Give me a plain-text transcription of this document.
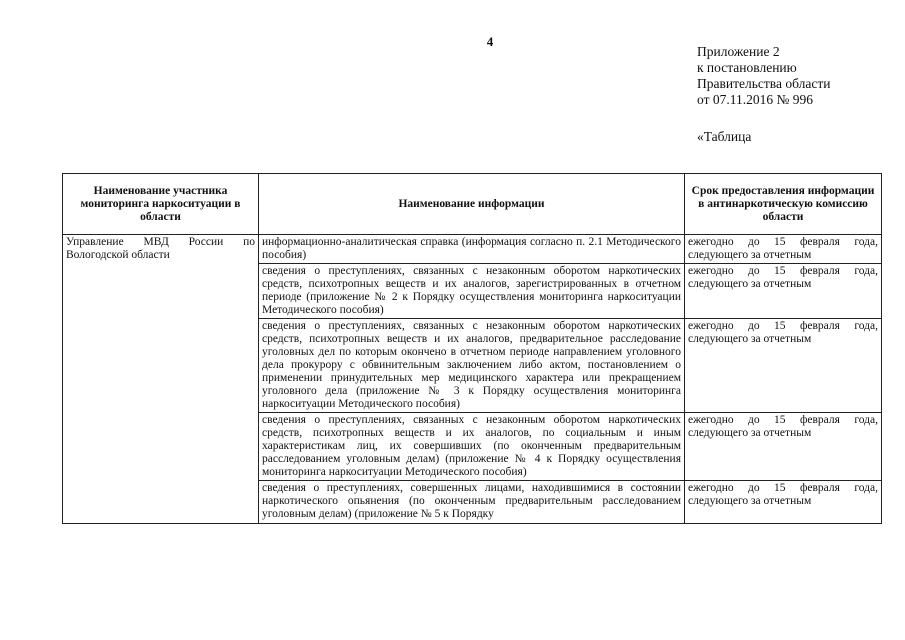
4
Приложение 2
к постановлению
Правительства области
от 07.11.2016 № 996
«Таблица
Наименование участника мониторинга наркоситуации в области	Наименование информации	Срок предоставления информации в антинаркотическую комиссию области
Управление МВД России по Вологодской области	информационно-аналитическая справка (информация согласно п. 2.1 Методического пособия)	ежегодно до 15 февраля года, следующего за отчетным
	сведения о преступлениях, связанных с незаконным оборотом наркотических средств, психотропных веществ и их аналогов, зарегистрированных в отчетном периоде (приложение № 2 к Порядку осуществления мониторинга наркоситуации Методического пособия)	ежегодно до 15 февраля года, следующего за отчетным
	сведения о преступлениях, связанных с незаконным оборотом наркотических средств, психотропных веществ и их аналогов, предварительное расследование уголовных дел по которым окончено в отчетном периоде направлением уголовного дела прокурору с обвинительным заключением либо актом, постановлением о применении принудительных мер медицинского характера или прекращением уголовного дела (приложение № 3 к Порядку осуществления мониторинга наркоситуации Методического пособия)	ежегодно до 15 февраля года, следующего за отчетным
	сведения о преступлениях, связанных с незаконным оборотом наркотических средств, психотропных веществ и их аналогов, по социальным и иным характеристикам лиц, их совершивших (по оконченным предварительным расследованием уголовным делам) (приложение № 4 к Порядку осуществления мониторинга наркоситуации Методического пособия)	ежегодно до 15 февраля года, следующего за отчетным

	сведения о преступлениях, совершенных лицами, находившимися в состоянии наркотического опьянения (по оконченным предварительным расследованием уголовным делам) (приложение № 5 к Порядку	ежегодно до 15 февраля года, следующего за отчетным
